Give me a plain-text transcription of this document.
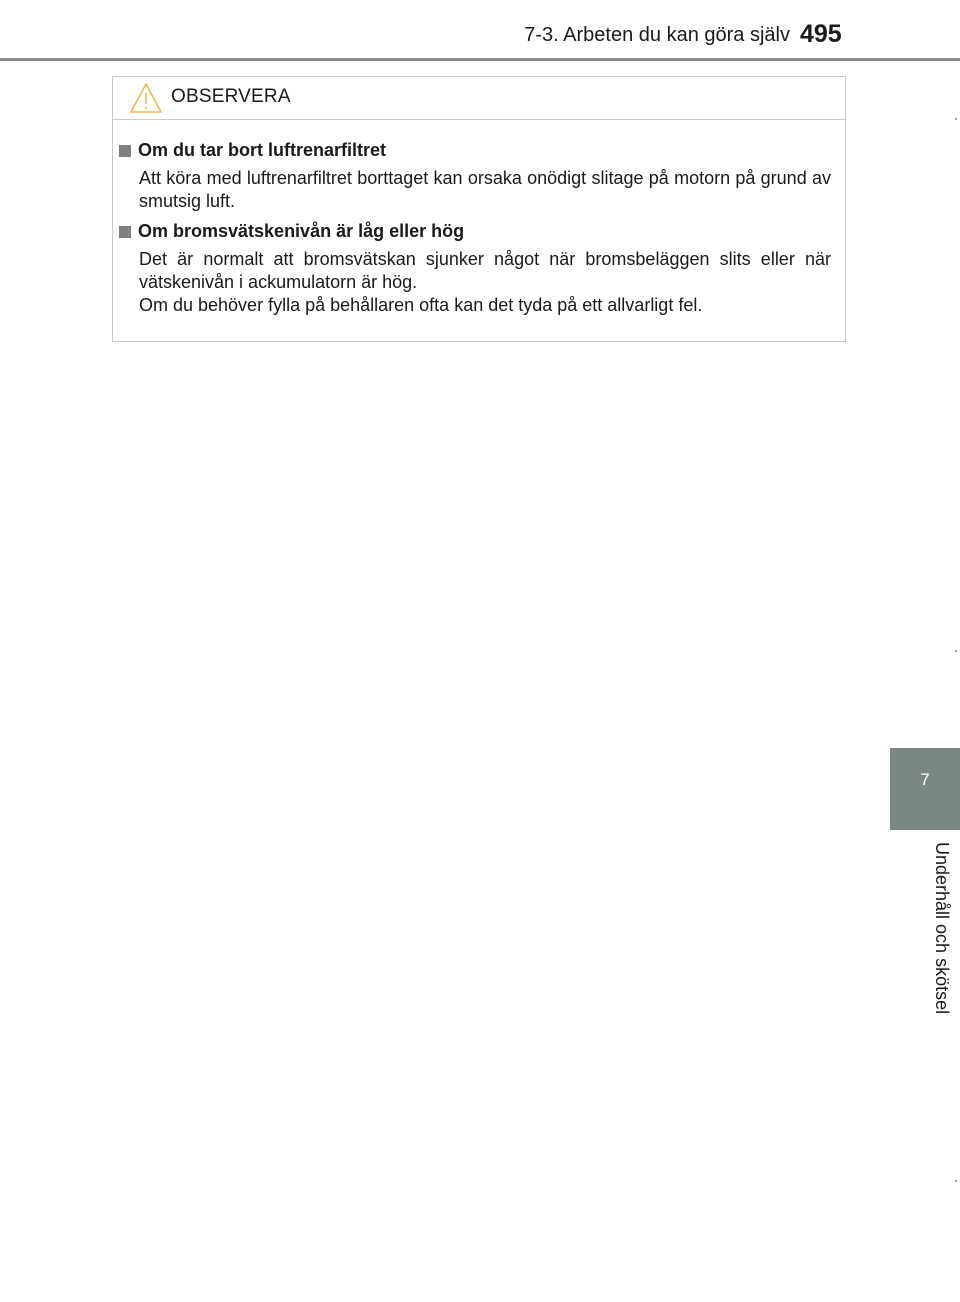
7-3. Arbeten du kan göra själv 495
OBSERVERA
Om du tar bort luftrenarfiltret

Att köra med luftrenarfiltret borttaget kan orsaka onödigt slitage på motorn på grund av smutsig luft.

Om bromsvätskenivån är låg eller hög

Det är normalt att bromsvätskan sjunker något när bromsbeläggen slits eller när vätskenivån i ackumulatorn är hög.

Om du behöver fylla på behållaren ofta kan det tyda på ett allvarligt fel.

7
Underhåll och skötsel
